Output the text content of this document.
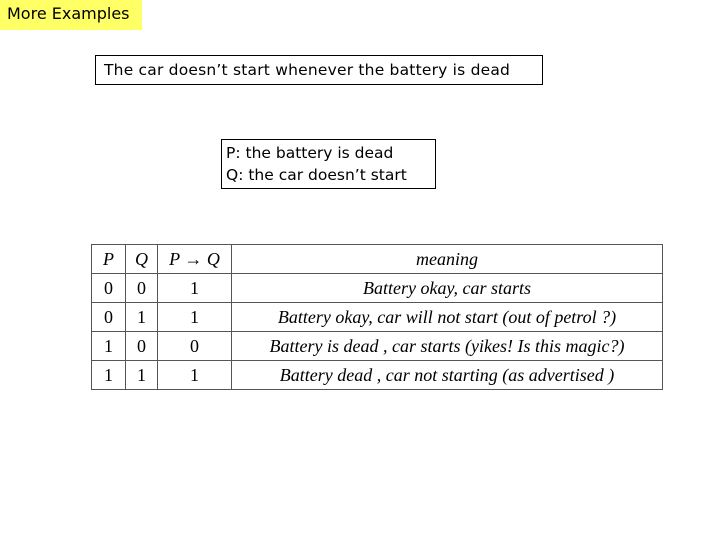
More Examples
The car doesn’t start whenever the battery is dead
P: the battery is dead
Q: the car doesn’t start
P	Q	P → Q	meaning
0	0	1	Battery okay, car starts
0	1	1	Battery okay, car will not start (out of petrol ?)
1	0	0	Battery is dead , car starts (yikes! Is this magic?)
1	1	1	Battery dead , car not starting (as advertised )
